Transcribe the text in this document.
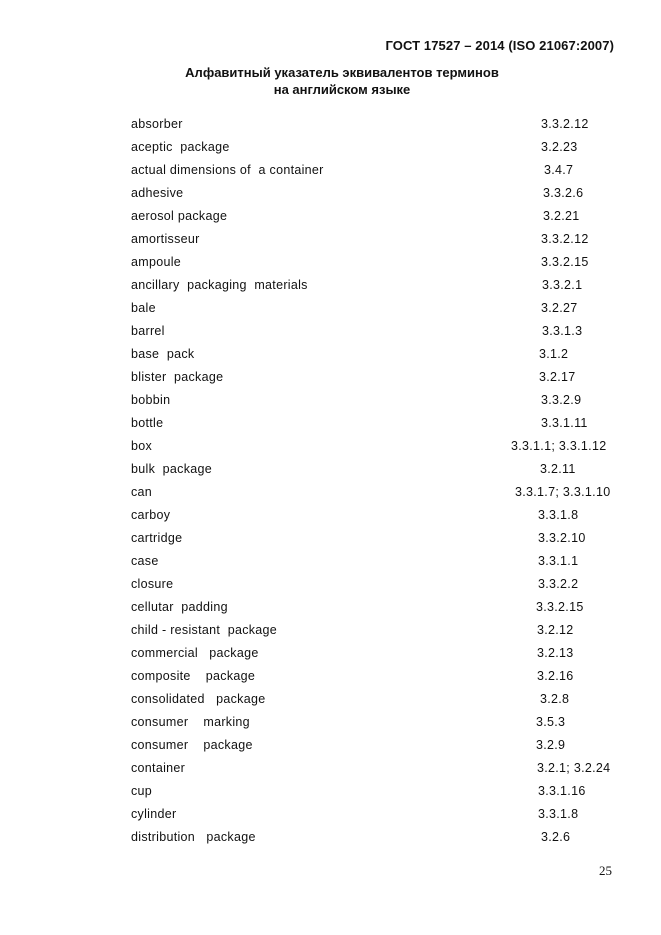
ГОСТ 17527 – 2014 (ISO 21067:2007)
Алфавитный указатель эквивалентов терминов
на английском языке
absorber	3.3.2.12
aceptic  package	3.2.23
actual dimensions of  a container	3.4.7
adhesive	3.3.2.6
aerosol package	3.2.21
amortisseur	3.3.2.12
ampoule	3.3.2.15
ancillary  packaging  materials	3.3.2.1
bale	3.2.27
barrel	3.3.1.3
base  pack	3.1.2
blister  package	3.2.17
bobbin	3.3.2.9
bottle	3.3.1.11
box	3.3.1.1; 3.3.1.12
bulk  package	3.2.11
can	3.3.1.7; 3.3.1.10
carboy	3.3.1.8
cartridge	3.3.2.10
case	3.3.1.1
closure	3.3.2.2
cellutar  padding	3.3.2.15
child - resistant  package	3.2.12
commercial   package	3.2.13
composite    package	3.2.16
consolidated   package	3.2.8
consumer    marking	3.5.3
consumer    package	3.2.9
container	3.2.1; 3.2.24
cup	3.3.1.16
cylinder	3.3.1.8
distribution   package	3.2.6
25
